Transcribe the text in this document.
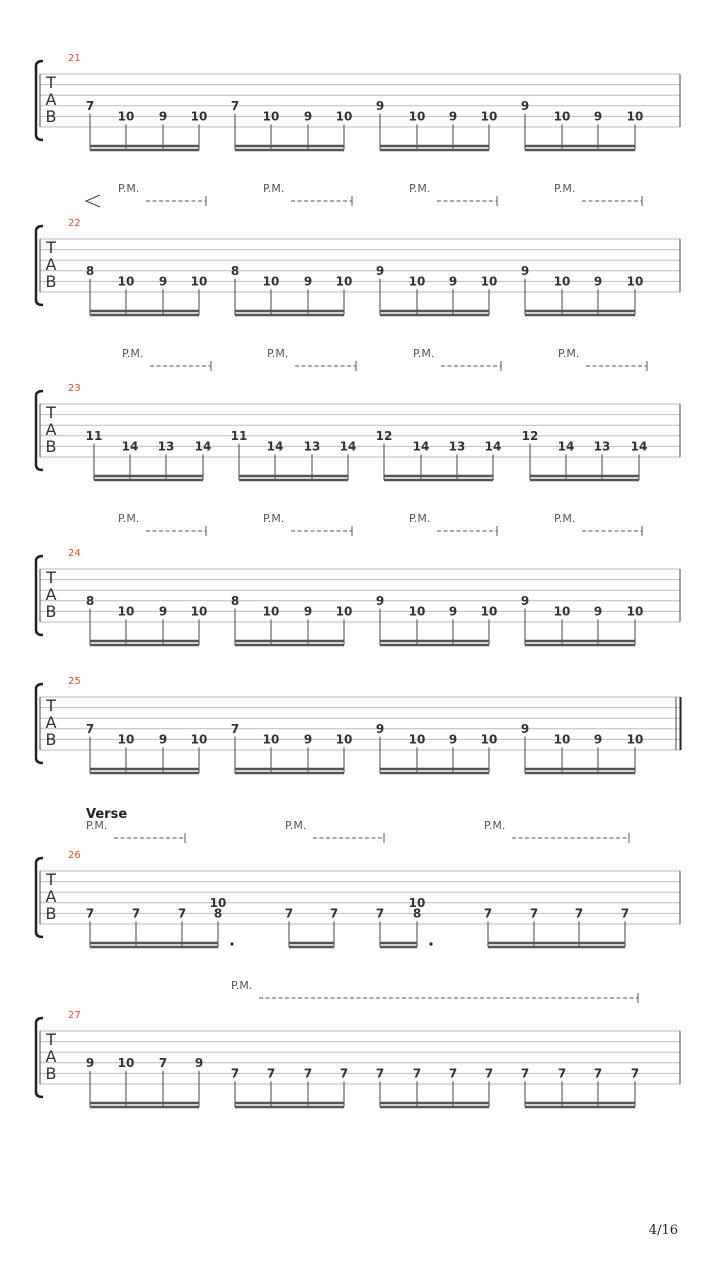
21
T
A
B
7
10 9 10
7
10 9 10
9
10 9 10
9
10 9 10
22
P.M.	P.M.	P.M.	P.M.
T
A
B
8
10 9 10
8
10 9 10
9
10 9 10
9
10 9 10
23
P.M.	P.M.	P.M.	P.M.
T
A
B
11
14 13 14
11
14 13 14
12
14 13 14
12
14 13 14
24
P.M.	P.M.	P.M.	P.M.
T
A
B
8
10 9 10
8
10 9 10
9
10 9 10
9
10 9 10
25
T
A
B
7
10 9 10
7
10 9 10
9
10 9 10
9
10 9 10
26
Verse
P.M.	P.M.	P.M.
T
A
B 7	7	7
10
8	7	7	7
10
8	7	7	7	7
27
P.M.
T
A
B
9 10 7 9
7 7 7 7 7 7 7 7 7 7 7 7
4/16
